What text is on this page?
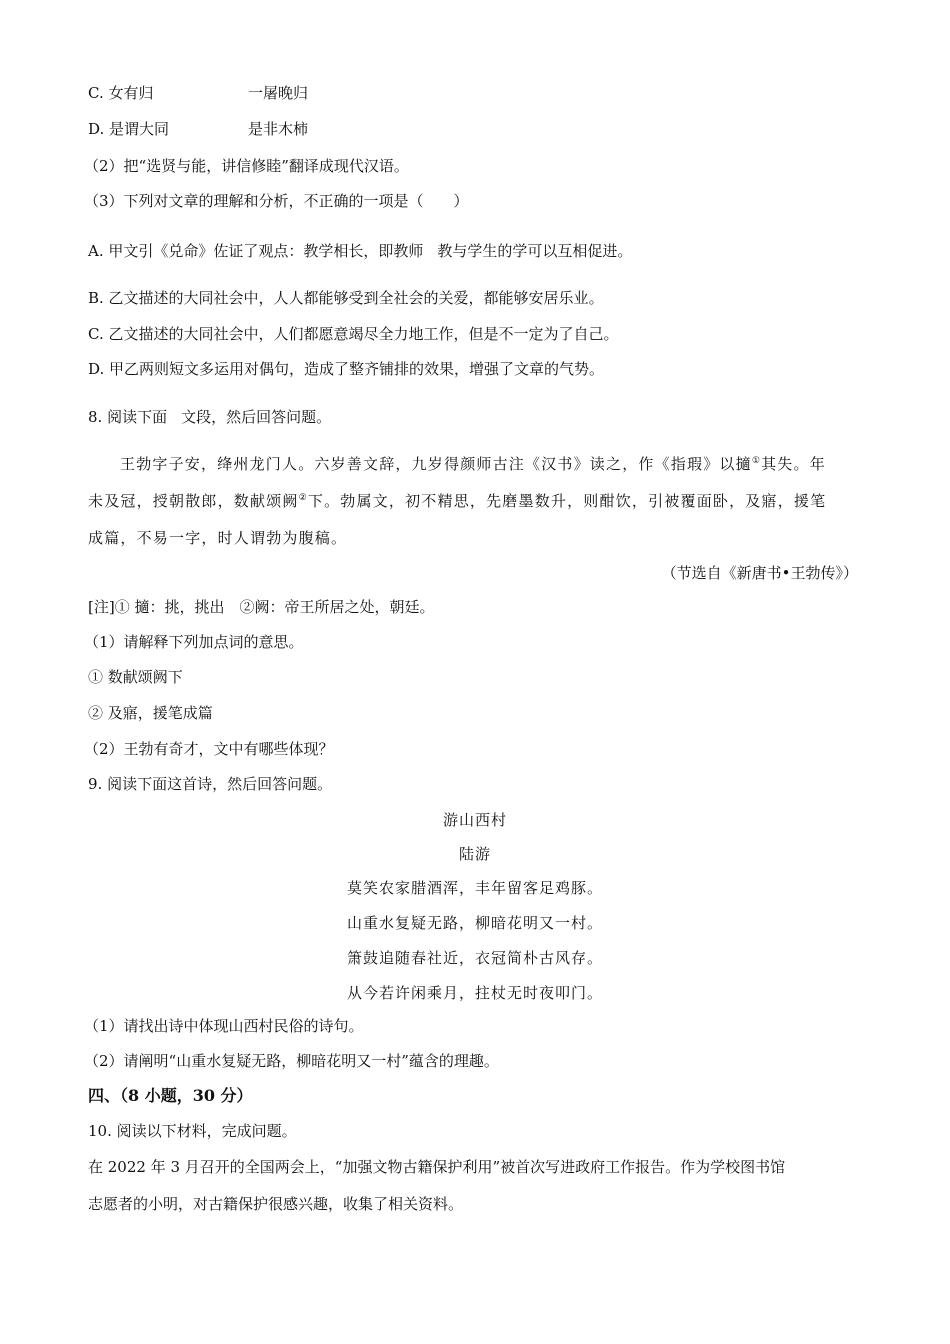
C. 女有归	一屠晚归
D. 是谓大同	是非木柿
（2）把“选贤与能，讲信修睦”翻译成现代汉语。
（3）下列对文章的理解和分析，不正确的一项是（　　）
A. 甲文引《兑命》佐证了观点：教学相长，即教师 教与学生的学可以互相促进。
B. 乙文描述的大同社会中，人人都能够受到全社会的关爱，都能够安居乐业。
C. 乙文描述的大同社会中，人们都愿意竭尽全力地工作，但是不一定为了自己。
D. 甲乙两则短文多运用对偶句，造成了整齐铺排的效果，增强了文章的气势。
8. 阅读下面 文段，然后回答问题。
王勃字子安，绛州龙门人。六岁善文辞，九岁得颜师古注《汉书》读之，作《指瑕》以擿①其失。年
未及冠，授朝散郎，数献颂阙②下。勃属文，初不精思，先磨墨数升，则酣饮，引被覆面卧，及寤，援笔
成篇，不易一字，时人谓勃为腹稿。
（节选自《新唐书•王勃传》）
[注]① 擿：挑，挑出　②阙：帝王所居之处，朝廷。
（1）请解释下列加点词的意思。
① 数献颂阙下
② 及寤，援笔成篇
（2）王勃有奇才，文中有哪些体现？
9. 阅读下面这首诗，然后回答问题。
游山西村
陆游
莫笑农家腊酒浑，丰年留客足鸡豚。
山重水复疑无路，柳暗花明又一村。
箫鼓追随春社近，衣冠简朴古风存。
从今若许闲乘月，拄杖无时夜叩门。
（1）请找出诗中体现山西村民俗的诗句。
（2）请阐明“山重水复疑无路，柳暗花明又一村”蕴含的理趣。
四、（8 小题，30 分）
10. 阅读以下材料，完成问题。
在 2022 年 3 月召开的全国两会上，“加强文物古籍保护利用”被首次写进政府工作报告。作为学校图书馆
志愿者的小明，对古籍保护很感兴趣，收集了相关资料。
